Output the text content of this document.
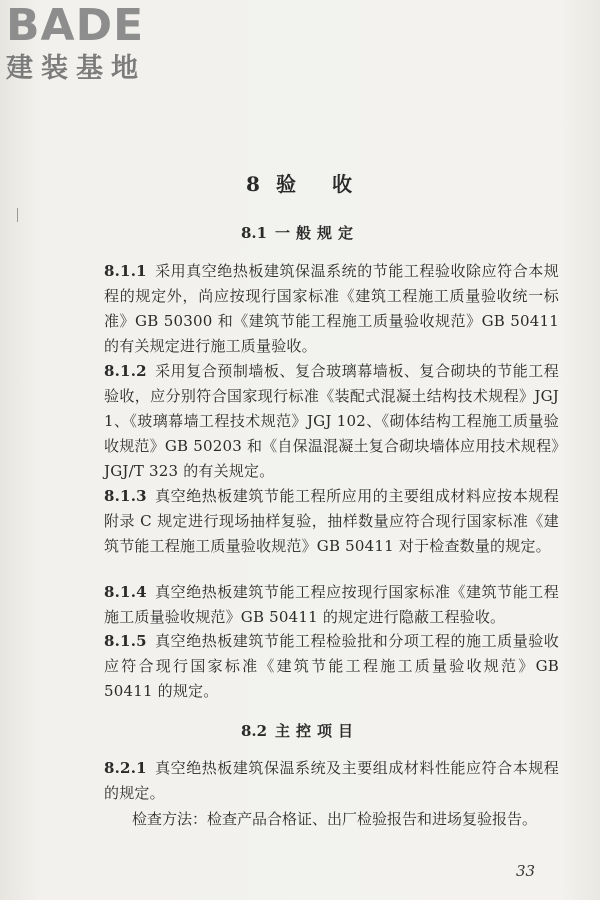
BADE
建装基地
8 验 收
8.1 一般规定

8.1.1 采用真空绝热板建筑保温系统的节能工程验收除应符合本规程的规定外，尚应按现行国家标准《建筑工程施工质量验收统一标准》GB 50300 和《建筑节能工程施工质量验收规范》GB 50411 的有关规定进行施工质量验收。

8.1.2 采用复合预制墙板、复合玻璃幕墙板、复合砌块的节能工程验收，应分别符合国家现行标准《装配式混凝土结构技术规程》JGJ 1、《玻璃幕墙工程技术规范》JGJ 102、《砌体结构工程施工质量验收规范》GB 50203 和《自保温混凝土复合砌块墙体应用技术规程》JGJ/T 323 的有关规定。

8.1.3 真空绝热板建筑节能工程所应用的主要组成材料应按本规程附录 C 规定进行现场抽样复验，抽样数量应符合现行国家标准《建筑节能工程施工质量验收规范》GB 50411 对于检查数量的规定。

8.1.4 真空绝热板建筑节能工程应按现行国家标准《建筑节能工程施工质量验收规范》GB 50411 的规定进行隐蔽工程验收。

8.1.5 真空绝热板建筑节能工程检验批和分项工程的施工质量验收应符合现行国家标准《建筑节能工程施工质量验收规范》GB 50411 的规定。

8.2 主控项目

8.2.1 真空绝热板建筑保温系统及主要组成材料性能应符合本规程的规定。

检查方法：检查产品合格证、出厂检验报告和进场复验报告。

33
